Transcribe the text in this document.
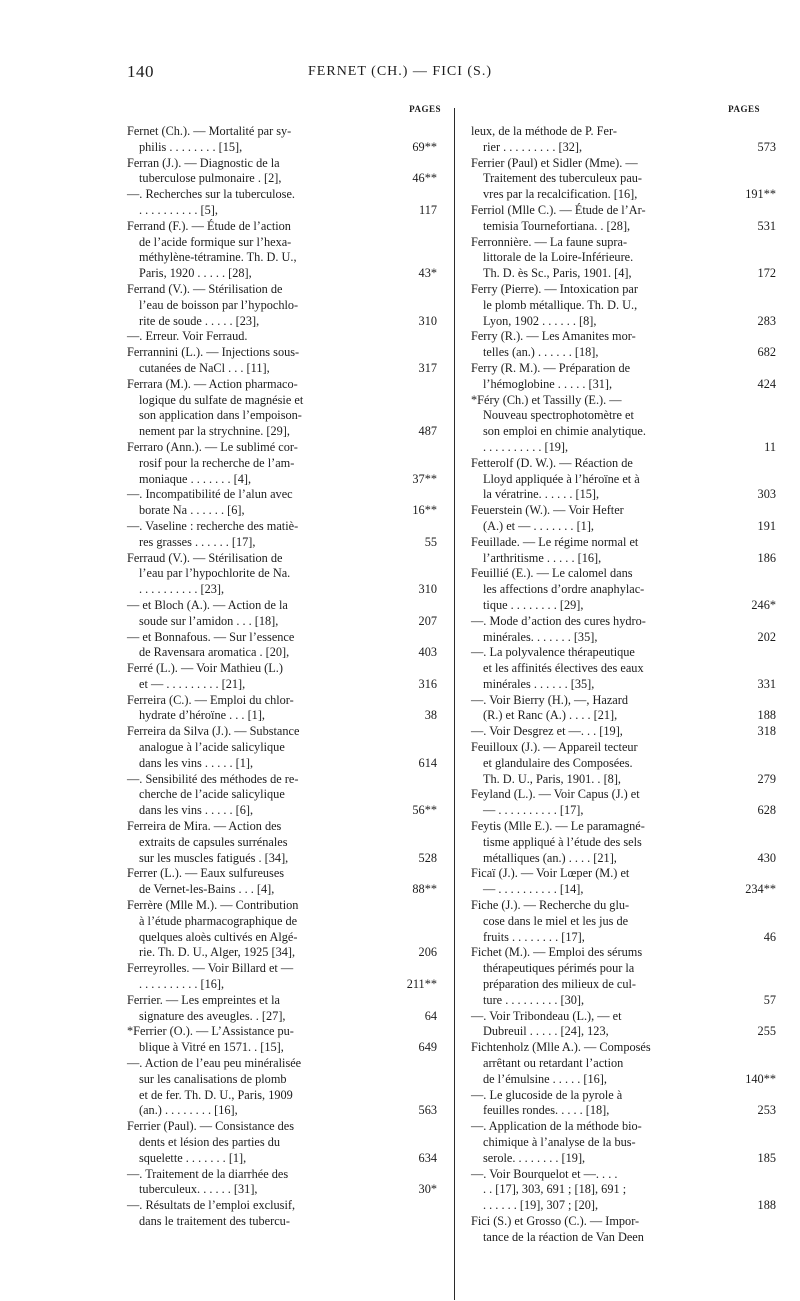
140	FERNET (CH.) — FICI (S.)
PAGES
Fernet (Ch.). — Mortalité par sy-
philis . . . . . . . . [15],	69**
Ferran (J.). — Diagnostic de la
tuberculose pulmonaire . [2],	46**
—. Recherches sur la tuberculose.
. . . . . . . . . . [5],	117
Ferrand (F.). — Étude de l’action
de l’acide formique sur l’hexa-
méthylène-tétramine. Th. D. U.,
Paris, 1920 . . . . . [28],	43*
Ferrand (V.). — Stérilisation de
l’eau de boisson par l’hypochlo-
rite de soude . . . . . [23],	310
—. Erreur. Voir Ferraud.
Ferrannini (L.). — Injections sous-
cutanées de NaCl . . . [11],	317
Ferrara (M.). — Action pharmaco-
logique du sulfate de magnésie et
son application dans l’empoison-
nement par la strychnine. [29],	487
Ferraro (Ann.). — Le sublimé cor-
rosif pour la recherche de l’am-
moniaque . . . . . . . [4],	37**
—. Incompatibilité de l’alun avec
borate Na . . . . . . [6],	16**
—. Vaseline : recherche des matiè-
res grasses . . . . . . [17],	55
Ferraud (V.). — Stérilisation de
l’eau par l’hypochlorite de Na.
. . . . . . . . . . [23],	310
— et Bloch (A.). — Action de la
soude sur l’amidon . . . [18],	207
— et Bonnafous. — Sur l’essence
de Ravensara aromatica . [20],	403
Ferré (L.). — Voir Mathieu (L.)
et — . . . . . . . . . [21],	316
Ferreira (C.). — Emploi du chlor-
hydrate d’héroïne . . . [1],	38
Ferreira da Silva (J.). — Substance
analogue à l’acide salicylique
dans les vins . . . . . [1],	614
—. Sensibilité des méthodes de re-
cherche de l’acide salicylique
dans les vins . . . . . [6],	56**
Ferreira de Mira. — Action des
extraits de capsules surrénales
sur les muscles fatigués . [34],	528
Ferrer (L.). — Eaux sulfureuses
de Vernet-les-Bains . . . [4],	88**
Ferrère (Mlle M.). — Contribution
à l’étude pharmacographique de
quelques aloès cultivés en Algé-
rie. Th. D. U., Alger, 1925 [34],	206
Ferreyrolles. — Voir Billard et —
. . . . . . . . . . [16],	211**
Ferrier. — Les empreintes et la
signature des aveugles. . [27],	64
*Ferrier (O.). — L’Assistance pu-
blique à Vitré en 1571. . [15],	649
—. Action de l’eau peu minéralisée
sur les canalisations de plomb
et de fer. Th. D. U., Paris, 1909
(an.) . . . . . . . . [16],	563
Ferrier (Paul). — Consistance des
dents et lésion des parties du
squelette . . . . . . . [1],	634
—. Traitement de la diarrhée des
tuberculeux. . . . . . [31],	30*
—. Résultats de l’emploi exclusif,
dans le traitement des tubercu-
PAGES
leux, de la méthode de P. Fer-
rier . . . . . . . . . [32],	573
Ferrier (Paul) et Sidler (Mme). —
Traitement des tuberculeux pau-
vres par la recalcification. [16],	191**
Ferriol (Mlle C.). — Étude de l’Ar-
temisia Tournefortiana. . [28],	531
Ferronnière. — La faune supra-
littorale de la Loire-Inférieure.
Th. D. ès Sc., Paris, 1901. [4],	172
Ferry (Pierre). — Intoxication par
le plomb métallique. Th. D. U.,
Lyon, 1902 . . . . . . [8],	283
Ferry (R.). — Les Amanites mor-
telles (an.) . . . . . . [18],	682
Ferry (R. M.). — Préparation de
l’hémoglobine . . . . . [31],	424
*Féry (Ch.) et Tassilly (E.). —
Nouveau spectrophotomètre et
son emploi en chimie analytique.
. . . . . . . . . . [19],	11
Fetterolf (D. W.). — Réaction de
Lloyd appliquée à l’héroïne et à
la vératrine. . . . . . [15],	303
Feuerstein (W.). — Voir Hefter
(A.) et — . . . . . . . [1],	191
Feuillade. — Le régime normal et
l’arthritisme . . . . . [16],	186
Feuillié (E.). — Le calomel dans
les affections d’ordre anaphylac-
tique . . . . . . . . [29],	246*
—. Mode d’action des cures hydro-
minérales. . . . . . . [35],	202
—. La polyvalence thérapeutique
et les affinités électives des eaux
minérales . . . . . . [35],	331
—. Voir Bierry (H.), —, Hazard
(R.) et Ranc (A.) . . . . [21],	188
—. Voir Desgrez et —. . . [19],	318
Feuilloux (J.). — Appareil tecteur
et glandulaire des Composées.
Th. D. U., Paris, 1901. . [8],	279
Feyland (L.). — Voir Capus (J.) et
— . . . . . . . . . . [17],	628
Feytis (Mlle E.). — Le paramagné-
tisme appliqué à l’étude des sels
métalliques (an.) . . . . [21],	430
Ficaï (J.). — Voir Lœper (M.) et
— . . . . . . . . . . [14],	234**
Fiche (J.). — Recherche du glu-
cose dans le miel et les jus de
fruits . . . . . . . . [17],	46
Fichet (M.). — Emploi des sérums
thérapeutiques périmés pour la
préparation des milieux de cul-
ture . . . . . . . . . [30],	57
—. Voir Tribondeau (L.), — et
Dubreuil . . . . . [24], 123,	255
Fichtenholz (Mlle A.). — Composés
arrêtant ou retardant l’action
de l’émulsine . . . . . [16],	140**
—. Le glucoside de la pyrole à
feuilles rondes. . . . . [18],	253
—. Application de la méthode bio-
chimique à l’analyse de la bus-
serole. . . . . . . . [19],	185
—. Voir Bourquelot et —. . . .
. . [17], 303, 691 ; [18], 691 ;
. . . . . . [19], 307 ; [20],	188
Fici (S.) et Grosso (C.). — Impor-
tance de la réaction de Van Deen
